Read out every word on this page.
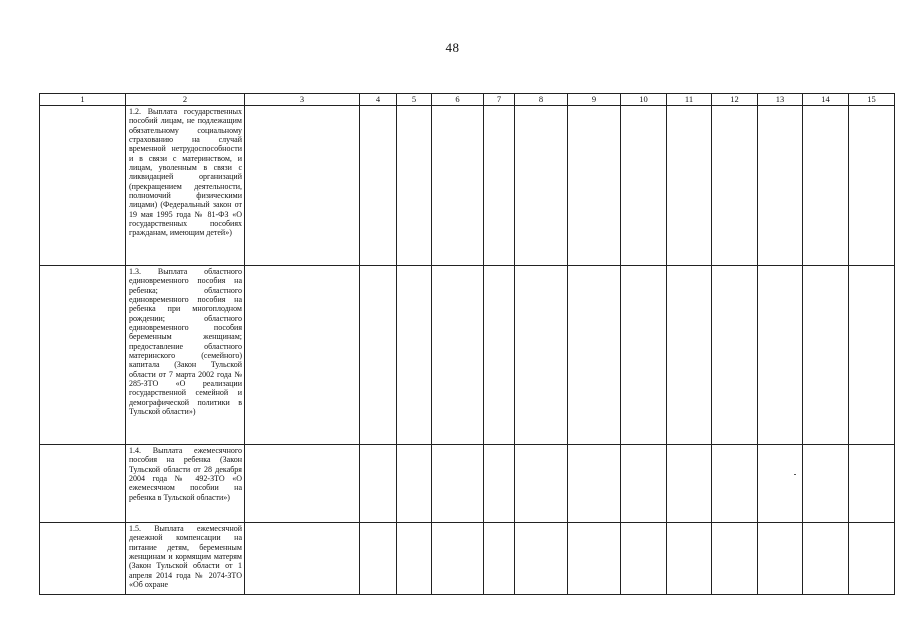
48
1	2	3	4	5	6	7	8	9	10	11	12	13	14	15
	1.2. Выплата государственных пособий лицам, не подлежащим обязательному социальному страхованию на случай временной нетрудоспособности и в связи с материнством, и лицам, уволенным в связи с ликвидацией организаций (прекращением деятельности, полномочий физическими лицами) (Федеральный закон от 19 мая 1995 года № 81-ФЗ «О государственных пособиях гражданам, имеющим детей»)													
	1.3. Выплата областного единовременного пособия на ребенка; областного единовременного пособия на ребенка при многоплодном рождении; областного единовременного пособия беременным женщинам; предоставление областного материнского (семейного) капитала (Закон Тульской области от 7 марта 2002 года № 285-ЗТО «О реализации государственной семейной и демографической политики в Тульской области»)													
	1.4. Выплата ежемесячного пособия на ребенка (Закон Тульской области от 28 декабря 2004 года № 492-ЗТО «О ежемесячном пособии на ребенка в Тульской области»)													
	1.5. Выплата ежемесячной денежной компенсации на питание детям, беременным женщинам и кормящим матерям (Закон Тульской области от 1 апреля 2014 года № 2074-ЗТО «Об охране													
